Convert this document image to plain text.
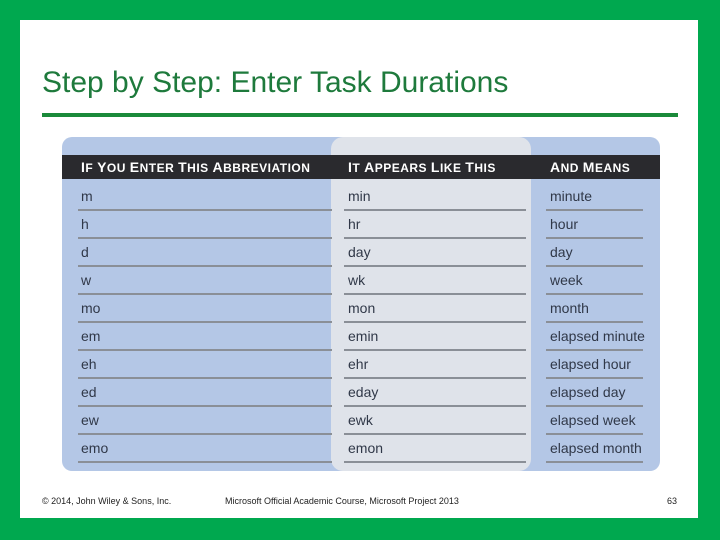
Step by Step: Enter Task Durations
IF YOU ENTER THIS ABBREVIATION	IT APPEARS LIKE THIS	AND MEANS
m	min	minute
h	hr	hour
d	day	day
w	wk	week
mo	mon	month
em	emin	elapsed minute
eh	ehr	elapsed hour
ed	eday	elapsed day
ew	ewk	elapsed week
emo	emon	elapsed month
© 2014, John Wiley & Sons, Inc.	Microsoft Official Academic Course, Microsoft Project 2013	63
